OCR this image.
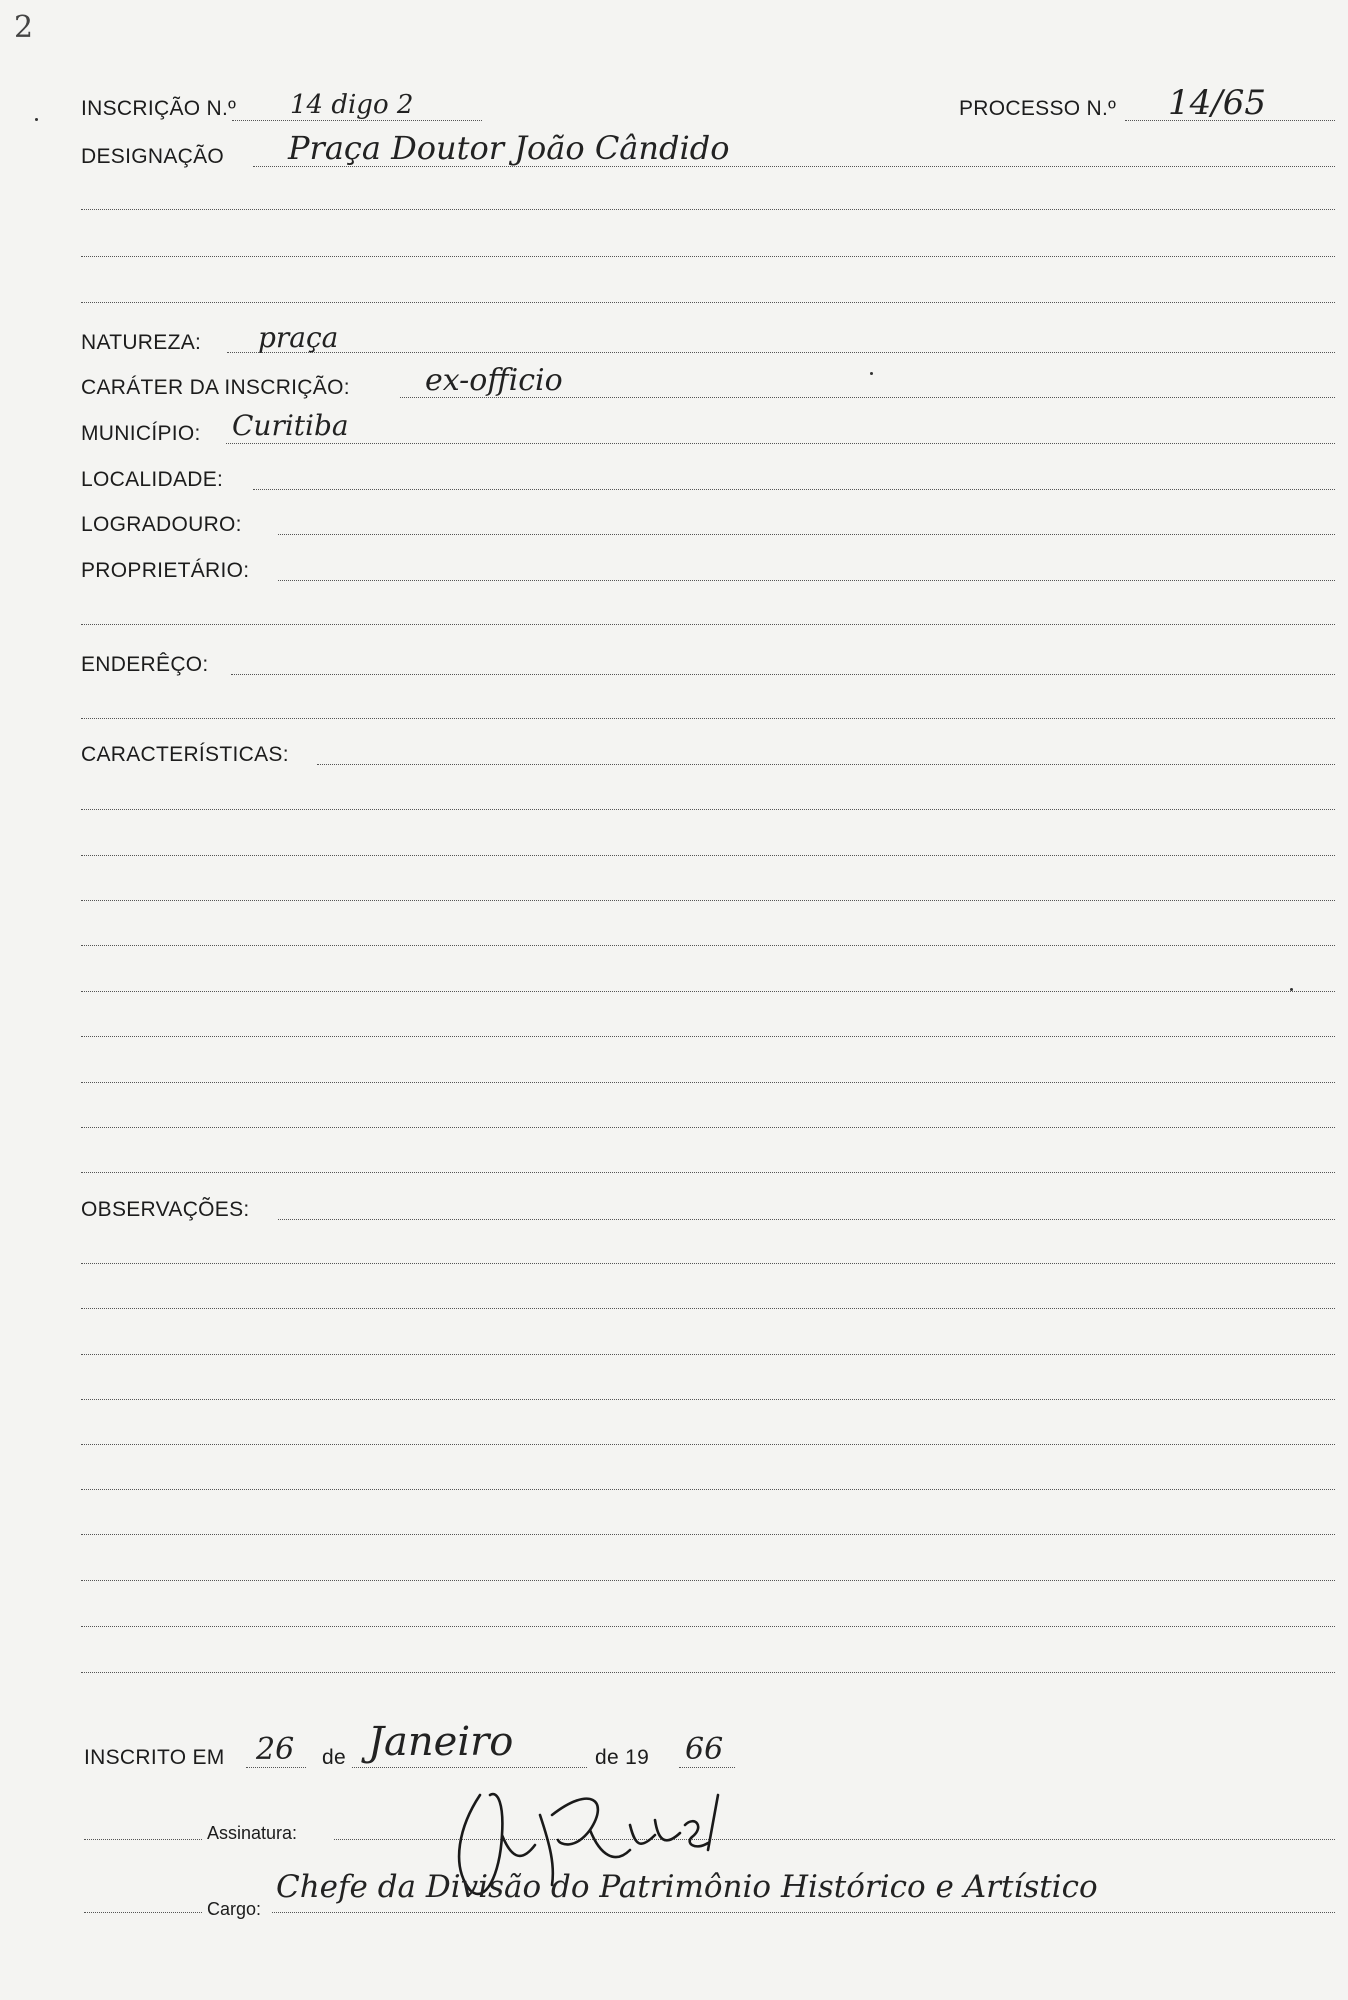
2
INSCRIÇÃO N.º 14 digo 2	PROCESSO N.º 14/65
DESIGNAÇÃO Praça Doutor João Cândido
NATUREZA: praça
CARÁTER DA INSCRIÇÃO:	ex-officio
MUNICÍPIO: Curitiba
LOCALIDADE:
LOGRADOURO:
PROPRIETÁRIO:
ENDERÊÇO:
CARACTERÍSTICAS:
OBSERVAÇÕES:
INSCRITO EM 26 de Janeiro	de 19 66
Assinatura:
Cargo:
Chefe da Divisão do Patrimônio Histórico e Artístico
